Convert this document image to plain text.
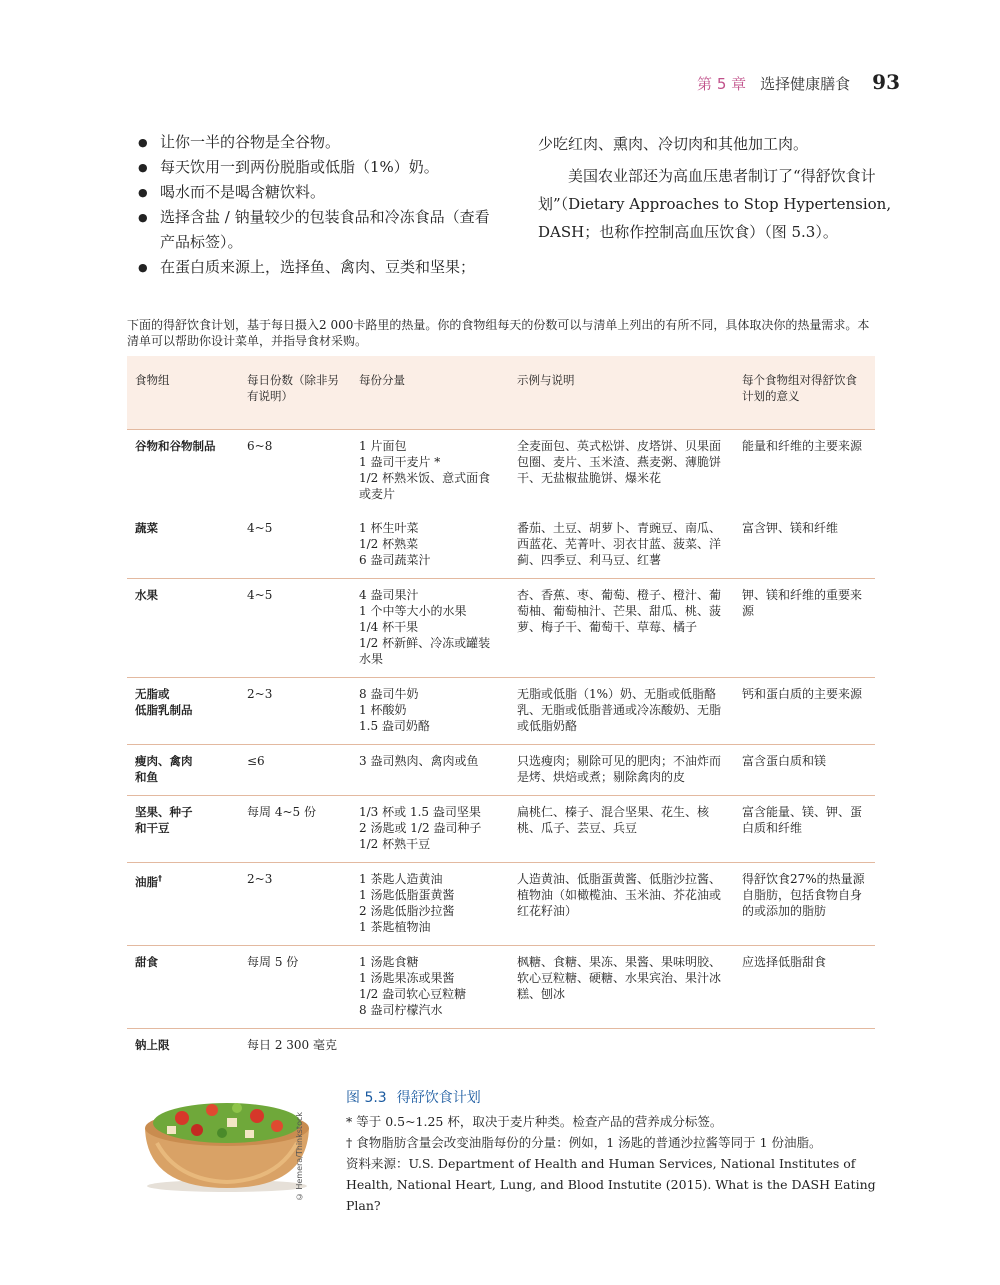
第 5 章 选择健康膳食 93
● 让你一半的谷物是全谷物。
● 每天饮用一到两份脱脂或低脂（1%）奶。
● 喝水而不是喝含糖饮料。
● 选择含盐 / 钠量较少的包装食品和冷冻食品（查看产品标签）。
● 在蛋白质来源上，选择鱼、禽肉、豆类和坚果；

少吃红肉、熏肉、冷切肉和其他加工肉。

美国农业部还为高血压患者制订了“得舒饮食计划”（Dietary Approaches to Stop Hypertension, DASH；也称作控制高血压饮食）（图 5.3）。

下面的得舒饮食计划，基于每日摄入2 000卡路里的热量。你的食物组每天的份数可以与清单上列出的有所不同，具体取决你的热量需求。本清单可以帮助你设计菜单，并指导食材采购。
食物组	每日份数（除非另有说明）	每份分量	示例与说明	每个食物组对得舒饮食计划的意义
谷物和谷物制品	6~8	1 片面包
1 盎司干麦片 *
1/2 杯熟米饭、意式面食或麦片	全麦面包、英式松饼、皮塔饼、贝果面包圈、麦片、玉米渣、燕麦粥、薄脆饼干、无盐椒盐脆饼、爆米花	能量和纤维的主要来源
蔬菜	4~5	1 杯生叶菜
1/2 杯熟菜
6 盎司蔬菜汁	番茄、土豆、胡萝卜、青豌豆、南瓜、西蓝花、芜菁叶、羽衣甘蓝、菠菜、洋蓟、四季豆、利马豆、红薯	富含钾、镁和纤维
水果	4~5	4 盎司果汁
1 个中等大小的水果
1/4 杯干果
1/2 杯新鲜、冷冻或罐装水果	杏、香蕉、枣、葡萄、橙子、橙汁、葡萄柚、葡萄柚汁、芒果、甜瓜、桃、菠萝、梅子干、葡萄干、草莓、橘子	钾、镁和纤维的重要来源
无脂或
低脂乳制品	2~3	8 盎司牛奶
1 杯酸奶
1.5 盎司奶酪	无脂或低脂（1%）奶、无脂或低脂酪乳、无脂或低脂普通或冷冻酸奶、无脂或低脂奶酪	钙和蛋白质的主要来源
瘦肉、禽肉
和鱼	≤6	3 盎司熟肉、禽肉或鱼	只选瘦肉；剔除可见的肥肉；不油炸而是烤、烘焙或煮；剔除禽肉的皮	富含蛋白质和镁
坚果、种子
和干豆	每周 4~5 份	1/3 杯或 1.5 盎司坚果
2 汤匙或 1/2 盎司种子
1/2 杯熟干豆	扁桃仁、榛子、混合坚果、花生、核桃、瓜子、芸豆、兵豆	富含能量、镁、钾、蛋白质和纤维
油脂†	2~3	1 茶匙人造黄油
1 汤匙低脂蛋黄酱
2 汤匙低脂沙拉酱
1 茶匙植物油	人造黄油、低脂蛋黄酱、低脂沙拉酱、植物油（如橄榄油、玉米油、芥花油或红花籽油）	得舒饮食27%的热量源自脂肪，包括食物自身的或添加的脂肪
甜食	每周 5 份	1 汤匙食糖
1 汤匙果冻或果酱
1/2 盎司软心豆粒糖
8 盎司柠檬汽水	枫糖、食糖、果冻、果酱、果味明胶、软心豆粒糖、硬糖、水果宾治、果汁冰糕、刨冰	应选择低脂甜食
钠上限	每日 2 300 毫克			
© Hemera/Thinkstock
图 5.3 得舒饮食计划

* 等于 0.5~1.25 杯，取决于麦片种类。检查产品的营养成分标签。

† 食物脂肪含量会改变油脂每份的分量：例如，1 汤匙的普通沙拉酱等同于 1 份油脂。

资料来源：U.S. Department of Health and Human Services, National Institutes of Health, National Heart, Lung, and Blood Instutite (2015). What is the DASH Eating Plan?
